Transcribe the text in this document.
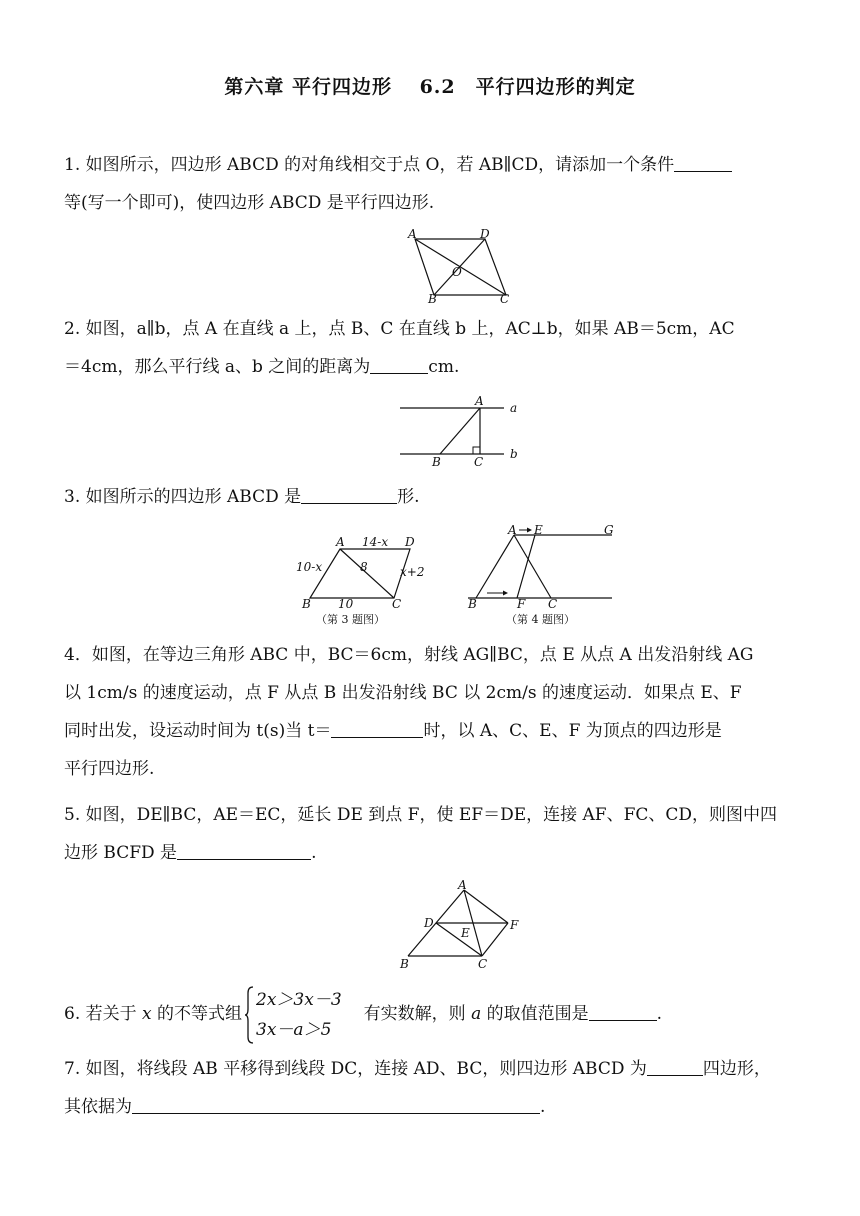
第六章 平行四边形　 6.2　平行四边形的判定
1. 如图所示，四边形 ABCD 的对角线相交于点 O，若 AB∥CD，请添加一个条件
等(写一个即可)，使四边形 ABCD 是平行四边形.
A	D
O
B	C
2. 如图，a∥b，点 A 在直线 a 上，点 B、C 在直线 b 上，AC⊥b，如果 AB＝5cm，AC
＝4cm，那么平行线 a、b 之间的距离为	cm.
A a
B	C
b
3. 如图所示的四边形 ABCD 是	形.
A	D
B	C
14-x
10-x	x+2
10
8
（第 3 题图）
A E	G
B	F C
（第 4 题图）
4．如图，在等边三角形 ABC 中，BC＝6cm，射线 AG∥BC，点 E 从点 A 出发沿射线 AG
以 1cm/s 的速度运动，点 F 从点 B 出发沿射线 BC 以 2cm/s 的速度运动．如果点 E、F
同时出发，设运动时间为 t(s)当 t＝	时，以 A、C、E、F 为顶点的四边形是
平行四边形.
5. 如图，DE∥BC，AE＝EC，延长 DE 到点 F，使 EF＝DE，连接 AF、FC、CD，则图中四
边形 BCFD 是	.
A
D
E
F
B	C
6. 若关于 x 的不等式组
2x＞3x－3
3x－a＞5有实数解，则 a 的取值范围是	.
7. 如图，将线段 AB 平移得到线段 DC，连接 AD、BC，则四边形 ABCD 为	四边形，
其依据为	.
